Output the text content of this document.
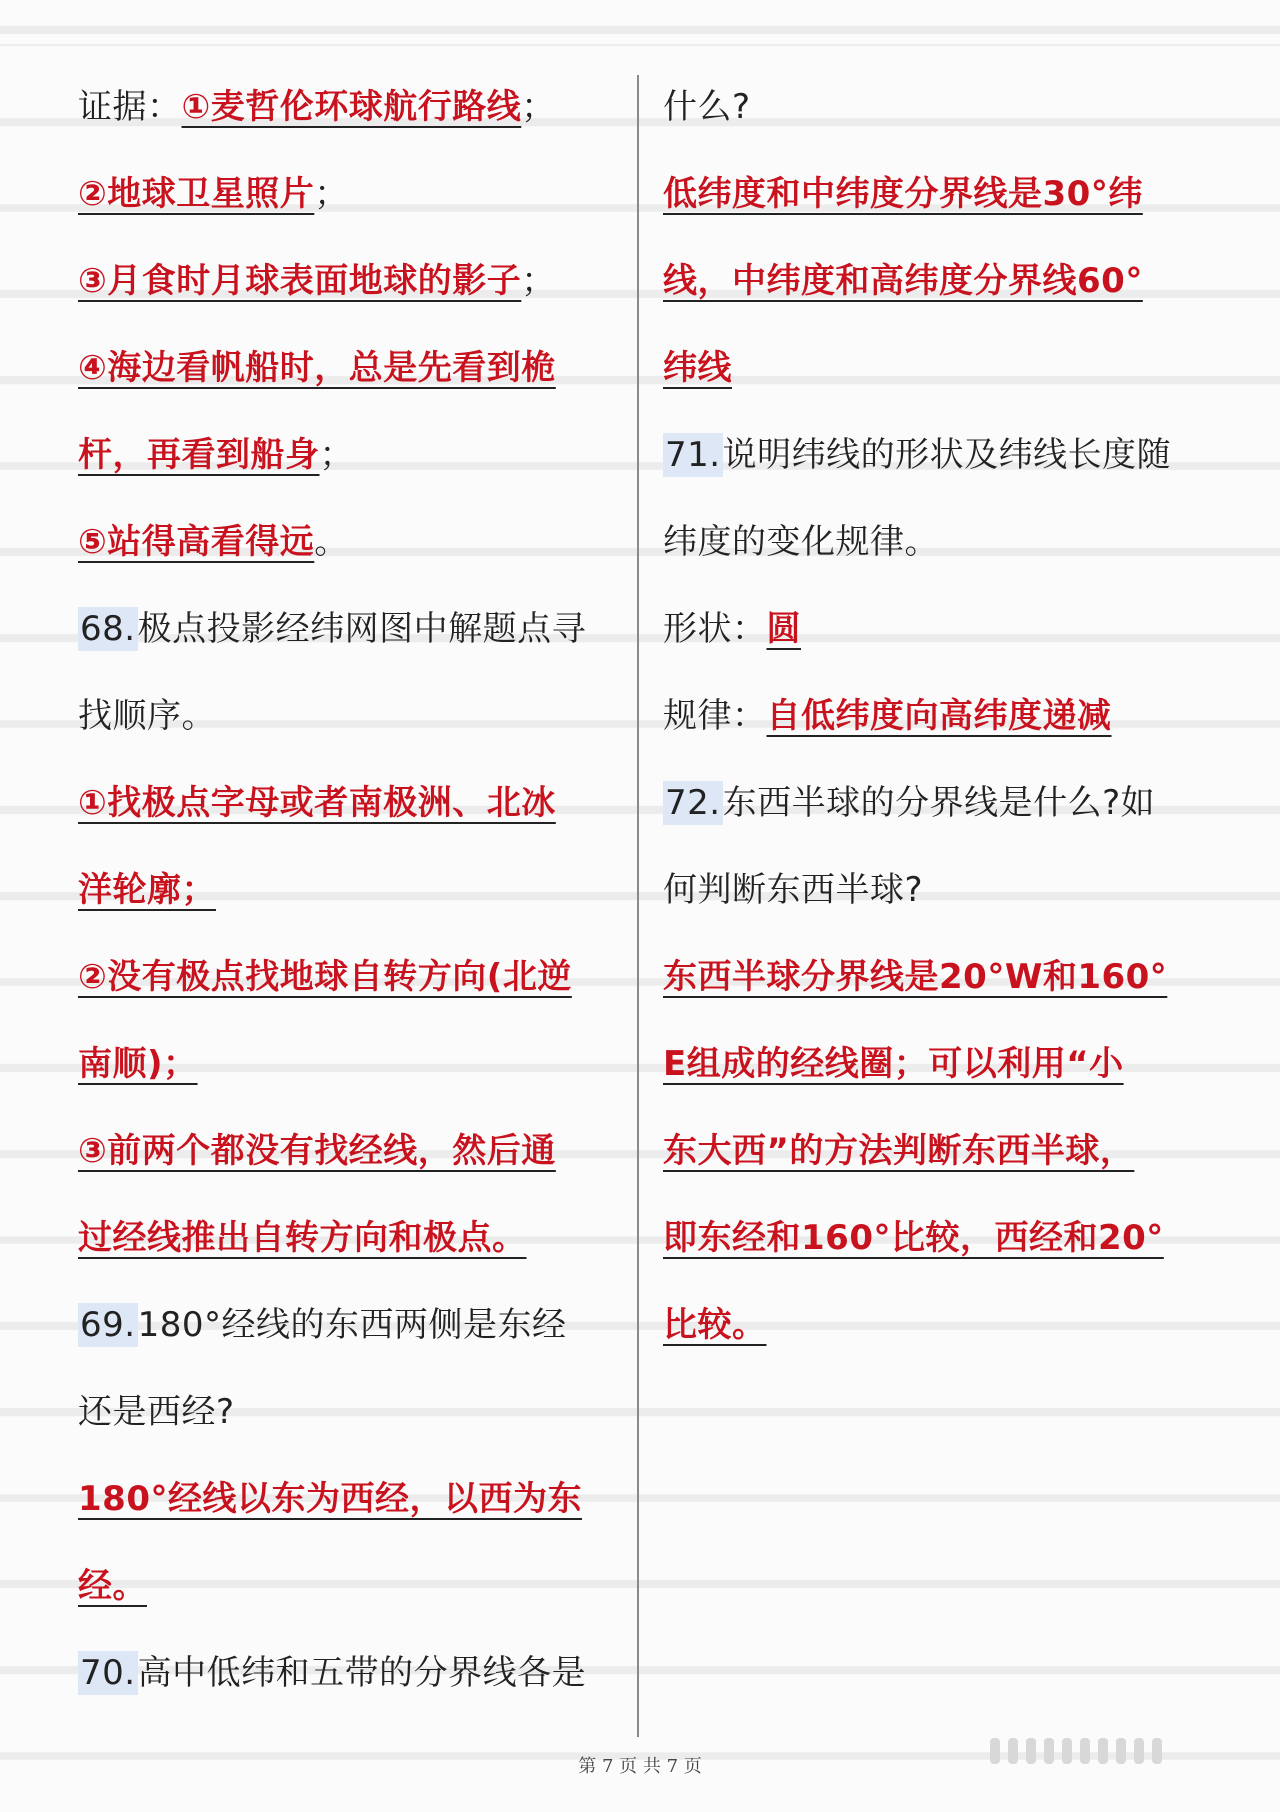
证据：①麦哲伦环球航行路线；
②地球卫星照片；
③月食时月球表面地球的影子；
④海边看帆船时，总是先看到桅
杆，再看到船身；
⑤站得高看得远。
68.极点投影经纬网图中解题点寻
找顺序。
①找极点字母或者南极洲、北冰
洋轮廓；
②没有极点找地球自转方向(北逆
南顺)；
③前两个都没有找经线，然后通
过经线推出自转方向和极点。
69.180°经线的东西两侧是东经
还是西经?
180°经线以东为西经，以西为东
经。
70.高中低纬和五带的分界线各是
什么?
低纬度和中纬度分界线是30°纬
线，中纬度和高纬度分界线60°
纬线
71.说明纬线的形状及纬线长度随
纬度的变化规律。
形状：圆
规律：自低纬度向高纬度递减
72.东西半球的分界线是什么?如
何判断东西半球?
东西半球分界线是20°W和160°
E组成的经线圈；可以利用“小
东大西”的方法判断东西半球，
即东经和160°比较，西经和20°
比较。
第 7 页 共 7 页
